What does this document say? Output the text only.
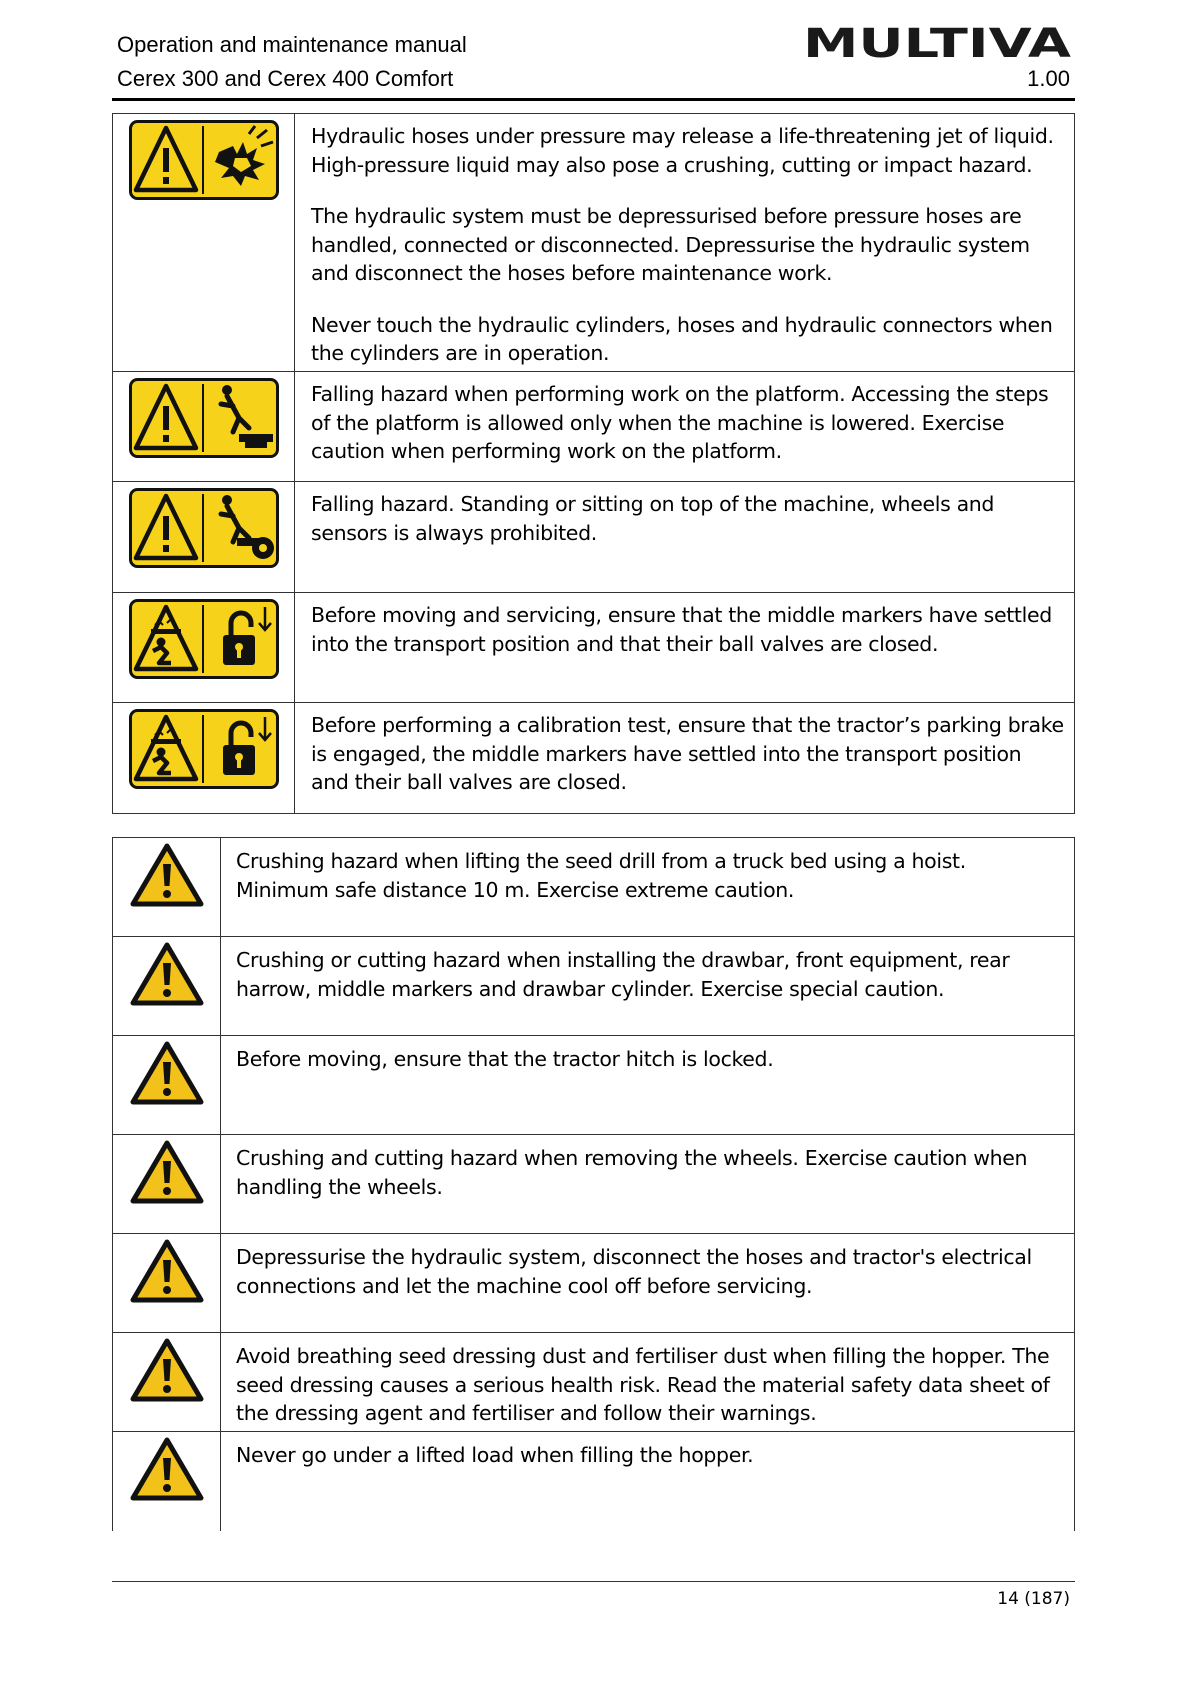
Operation and maintenance manual
Cerex 300 and Cerex 400 Comfort	1.00
MULTIVA

Hydraulic hoses under pressure may release a life-threatening jet of liquid. High-pressure liquid may also pose a crushing, cutting or impact hazard.

The hydraulic system must be depressurised before pressure hoses are handled, connected or disconnected. Depressurise the hydraulic system and disconnect the hoses before maintenance work.

Never touch the hydraulic cylinders, hoses and hydraulic connectors when the cylinders are in operation.

Falling hazard when performing work on the platform. Accessing the steps of the platform is allowed only when the machine is lowered. Exercise caution when performing work on the platform.

Falling hazard. Standing or sitting on top of the machine, wheels and sensors is always prohibited.

Before moving and servicing, ensure that the middle markers have settled into the transport position and that their ball valves are closed.

Before performing a calibration test, ensure that the tractor’s parking brake is engaged, the middle markers have settled into the transport position and their ball valves are closed.

Crushing hazard when lifting the seed drill from a truck bed using a hoist. Minimum safe distance 10 m. Exercise extreme caution.

Crushing or cutting hazard when installing the drawbar, front equipment, rear harrow, middle markers and drawbar cylinder. Exercise special caution.

Before moving, ensure that the tractor hitch is locked.

Crushing and cutting hazard when removing the wheels. Exercise caution when handling the wheels.

Depressurise the hydraulic system, disconnect the hoses and tractor's electrical connections and let the machine cool off before servicing.

Avoid breathing seed dressing dust and fertiliser dust when filling the hopper. The seed dressing causes a serious health risk. Read the material safety data sheet of the dressing agent and fertiliser and follow their warnings.

Never go under a lifted load when filling the hopper.

14 (187)
